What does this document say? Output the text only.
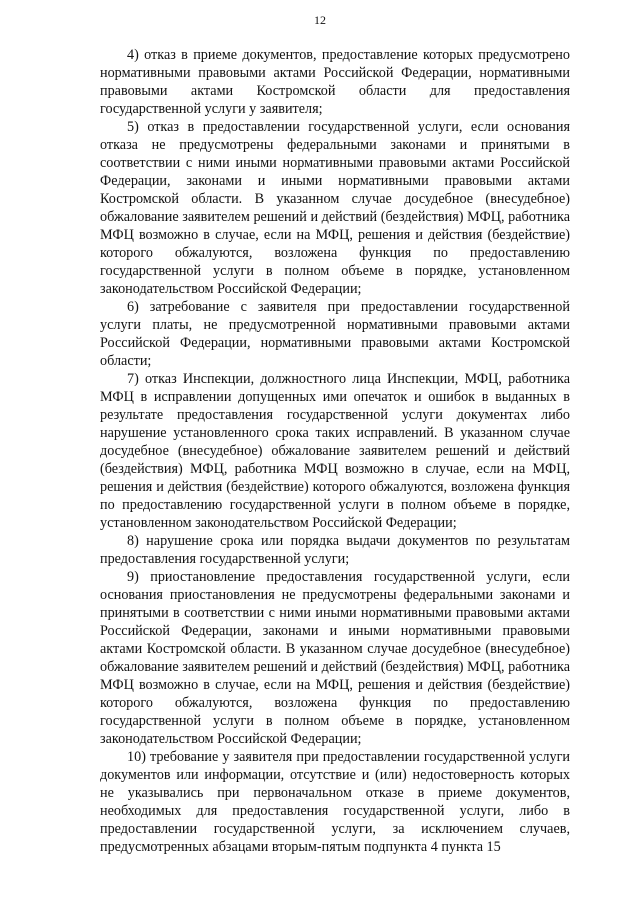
12

4) отказ в приеме документов, предоставление которых предусмотрено нормативными правовыми актами Российской Федерации, нормативными правовыми актами Костромской области для предоставления государственной услуги у заявителя;

5) отказ в предоставлении государственной услуги, если основания отказа не предусмотрены федеральными законами и принятыми в соответствии с ними иными нормативными правовыми актами Российской Федерации, законами и иными нормативными правовыми актами Костромской области. В указанном случае досудебное (внесудебное) обжалование заявителем решений и действий (бездействия) МФЦ, работника МФЦ возможно в случае, если на МФЦ, решения и действия (бездействие) которого обжалуются, возложена функция по предоставлению государственной услуги в полном объеме в порядке, установленном законодательством Российской Федерации;

6) затребование с заявителя при предоставлении государственной услуги платы, не предусмотренной нормативными правовыми актами Российской Федерации, нормативными правовыми актами Костромской области;

7) отказ Инспекции, должностного лица Инспекции, МФЦ, работника МФЦ в исправлении допущенных ими опечаток и ошибок в выданных в результате предоставления государственной услуги документах либо нарушение установленного срока таких исправлений. В указанном случае досудебное (внесудебное) обжалование заявителем решений и действий (бездействия) МФЦ, работника МФЦ возможно в случае, если на МФЦ, решения и действия (бездействие) которого обжалуются, возложена функция по предоставлению государственной услуги в полном объеме в порядке, установленном законодательством Российской Федерации;

8) нарушение срока или порядка выдачи документов по результатам предоставления государственной услуги;

9) приостановление предоставления государственной услуги, если основания приостановления не предусмотрены федеральными законами и принятыми в соответствии с ними иными нормативными правовыми актами Российской Федерации, законами и иными нормативными правовыми актами Костромской области. В указанном случае досудебное (внесудебное) обжалование заявителем решений и действий (бездействия) МФЦ, работника МФЦ возможно в случае, если на МФЦ, решения и действия (бездействие) которого обжалуются, возложена функция по предоставлению государственной услуги в полном объеме в порядке, установленном законодательством Российской Федерации;

10) требование у заявителя при предоставлении государственной услуги документов или информации, отсутствие и (или) недостоверность которых не указывались при первоначальном отказе в приеме документов, необходимых для предоставления государственной услуги, либо в предоставлении государственной услуги, за исключением случаев, предусмотренных абзацами вторым-пятым подпункта 4 пункта 15
